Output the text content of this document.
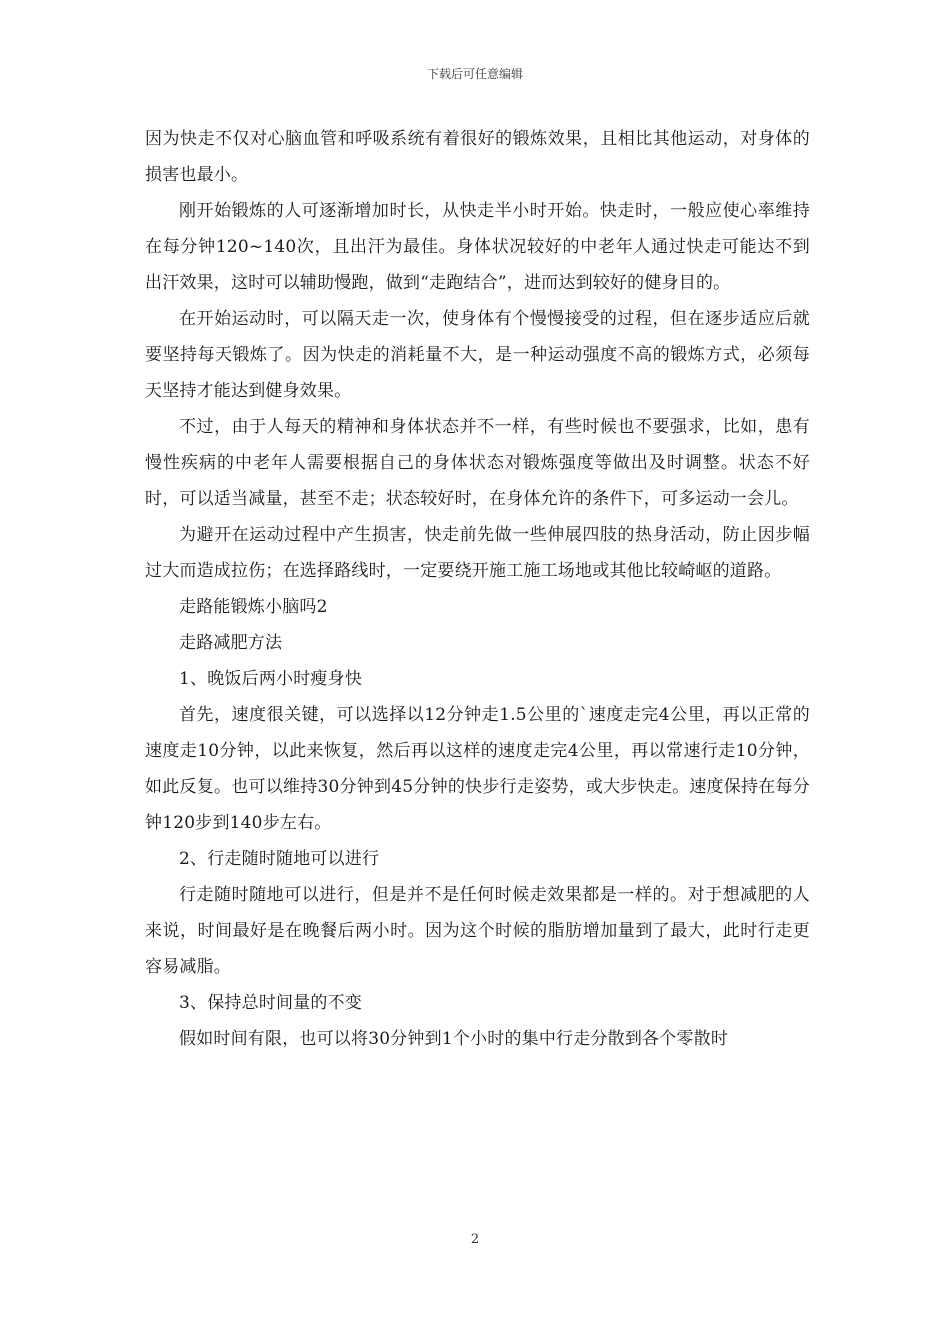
下载后可任意编辑

因为快走不仅对心脑血管和呼吸系统有着很好的锻炼效果，且相比其他运动，对身体的损害也最小。

刚开始锻炼的人可逐渐增加时长，从快走半小时开始。快走时，一般应使心率维持在每分钟120~140次，且出汗为最佳。身体状况较好的中老年人通过快走可能达不到出汗效果，这时可以辅助慢跑，做到“走跑结合”，进而达到较好的健身目的。

在开始运动时，可以隔天走一次，使身体有个慢慢接受的过程，但在逐步适应后就要坚持每天锻炼了。因为快走的消耗量不大，是一种运动强度不高的锻炼方式，必须每天坚持才能达到健身效果。

不过，由于人每天的精神和身体状态并不一样，有些时候也不要强求，比如，患有慢性疾病的中老年人需要根据自己的身体状态对锻炼强度等做出及时调整。状态不好时，可以适当减量，甚至不走；状态较好时，在身体允许的条件下，可多运动一会儿。

为避开在运动过程中产生损害，快走前先做一些伸展四肢的热身活动，防止因步幅过大而造成拉伤；在选择路线时，一定要绕开施工施工场地或其他比较崎岖的道路。

走路能锻炼小脑吗2

走路减肥方法

1、晚饭后两小时瘦身快

首先，速度很关键，可以选择以12分钟走1.5公里的`速度走完4公里，再以正常的速度走10分钟，以此来恢复，然后再以这样的速度走完4公里，再以常速行走10分钟，如此反复。也可以维持30分钟到45分钟的快步行走姿势，或大步快走。速度保持在每分钟120步到140步左右。

2、行走随时随地可以进行

行走随时随地可以进行，但是并不是任何时候走效果都是一样的。对于想减肥的人来说，时间最好是在晚餐后两小时。因为这个时候的脂肪增加量到了最大，此时行走更容易减脂。

3、保持总时间量的不变

假如时间有限，也可以将30分钟到1个小时的集中行走分散到各个零散时

2
